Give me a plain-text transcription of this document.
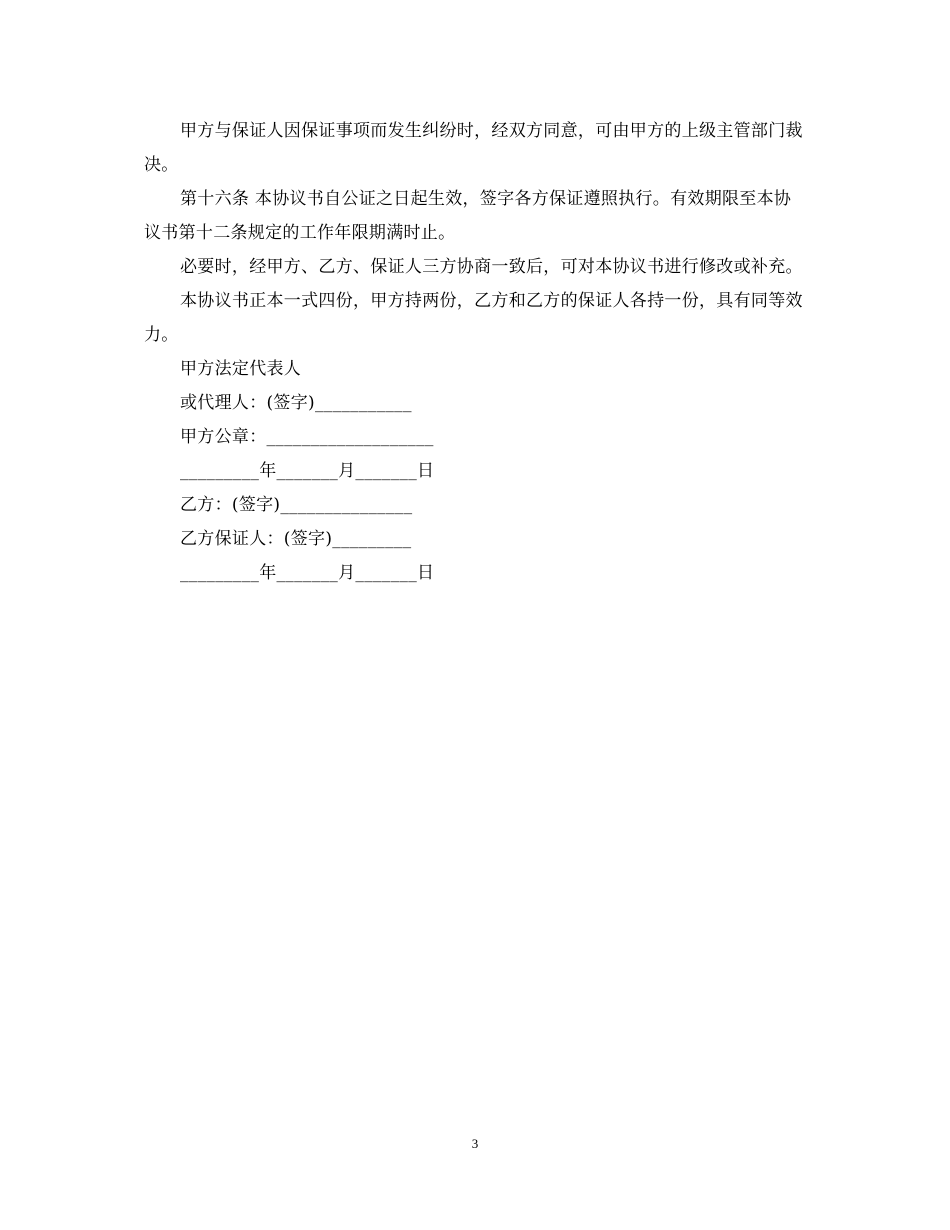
甲方与保证人因保证事项而发生纠纷时，经双方同意，可由甲方的上级主管部门裁决。

第十六条 本协议书自公证之日起生效，签字各方保证遵照执行。有效期限至本协议书第十二条规定的工作年限期满时止。

必要时，经甲方、乙方、保证人三方协商一致后，可对本协议书进行修改或补充。

本协议书正本一式四份，甲方持两份，乙方和乙方的保证人各持一份，具有同等效力。

甲方法定代表人

或代理人：(签字)___________

甲方公章：___________________

_________年_______月_______日

乙方：(签字)_______________

乙方保证人：(签字)_________

_________年_______月_______日

3
